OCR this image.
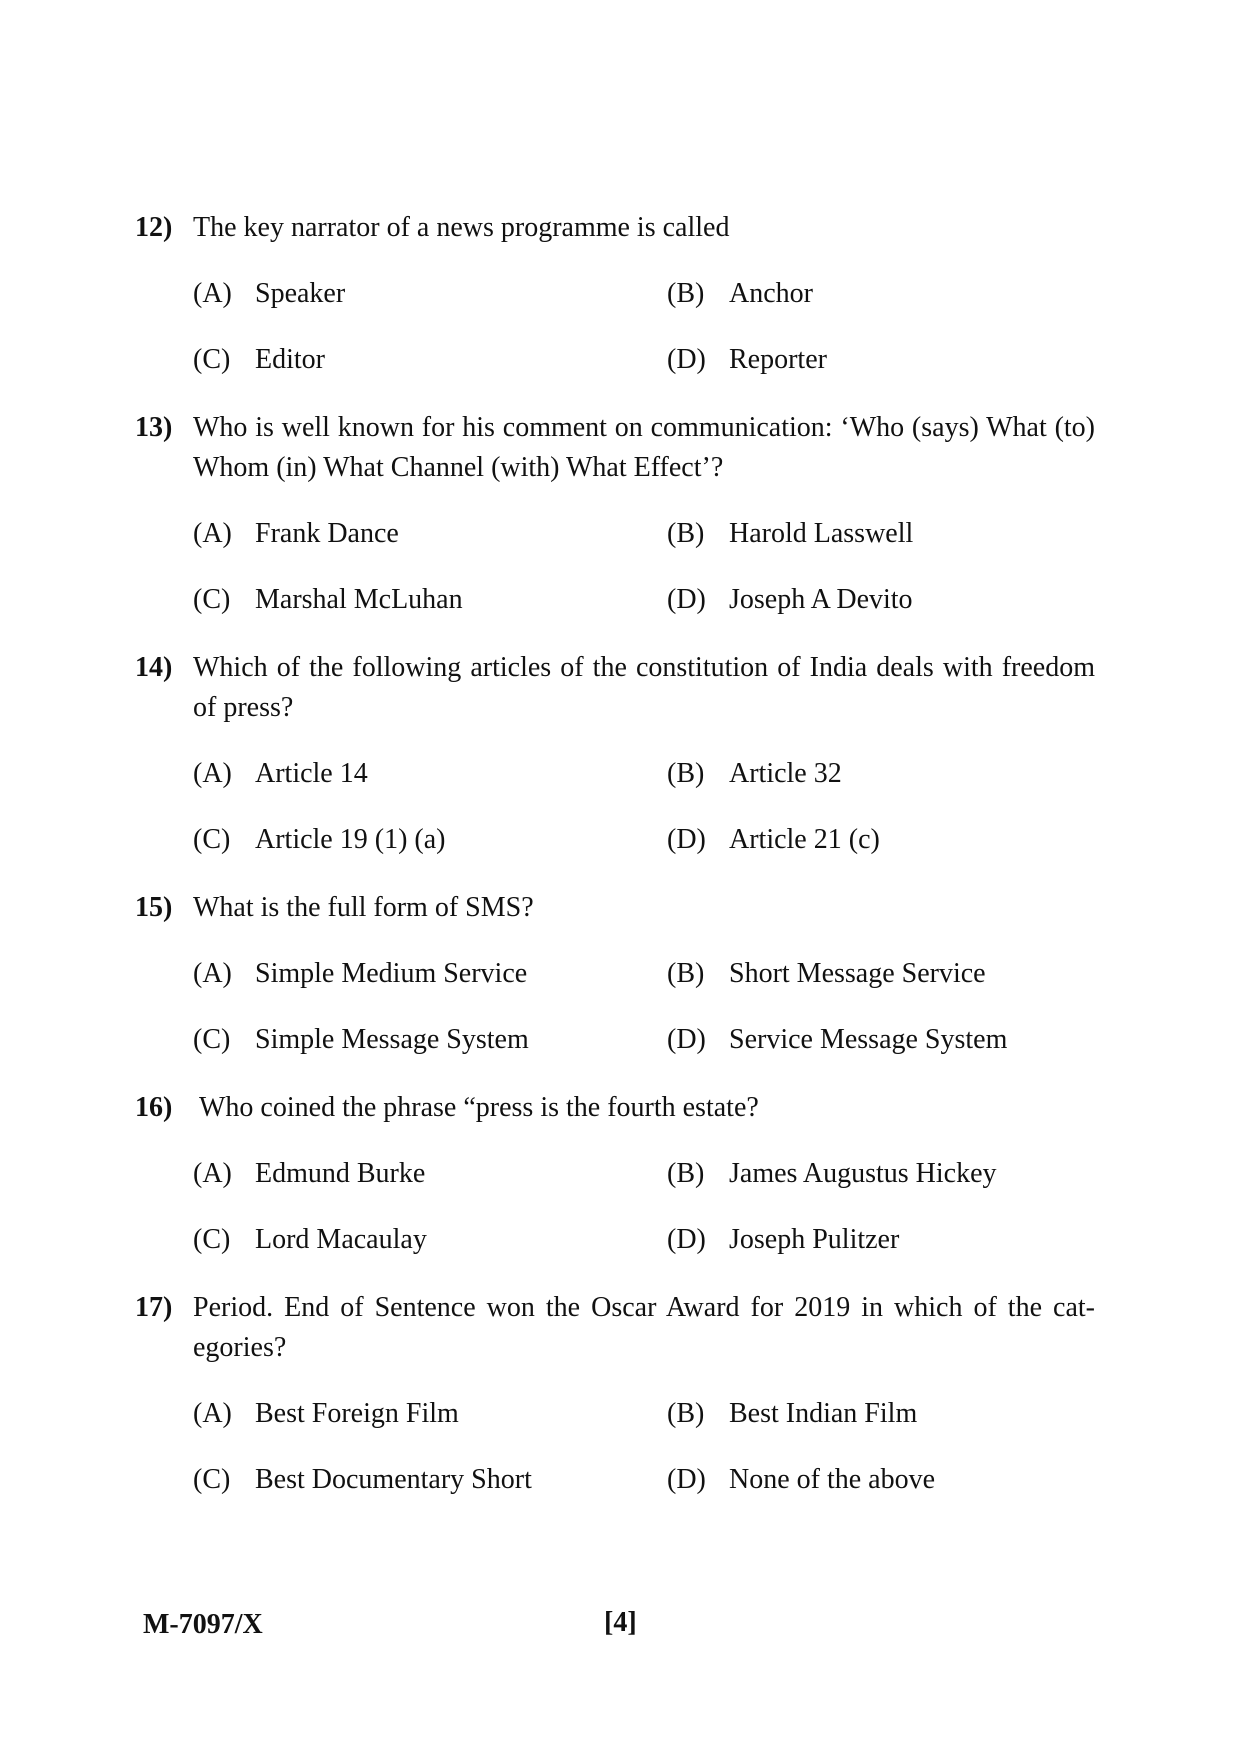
12) The key narrator of a news programme is called
(A) Speaker	(B) Anchor
(C) Editor	(D) Reporter
13) Who is well known for his comment on communication: ‘Who (says) What (to) Whom (in) What Channel (with) What Effect’?
(A) Frank Dance	(B) Harold Lasswell
(C) Marshal McLuhan	(D) Joseph A Devito
14) Which of the following articles of the constitution of India deals with freedom of press?
(A) Article 14	(B) Article 32
(C) Article 19 (1) (a)	(D) Article 21 (c)
15) What is the full form of SMS?
(A) Simple Medium Service	(B) Short Message Service
(C) Simple Message System	(D) Service Message System
16) Who coined the phrase “press is the fourth estate?
(A) Edmund Burke	(B) James Augustus Hickey
(C) Lord Macaulay	(D) Joseph Pulitzer
17) Period. End of Sentence won the Oscar Award for 2019 in which of the cat- egories?
(A) Best Foreign Film	(B) Best Indian Film
(C) Best Documentary Short	(D) None of the above
M-7097/X	[4]
